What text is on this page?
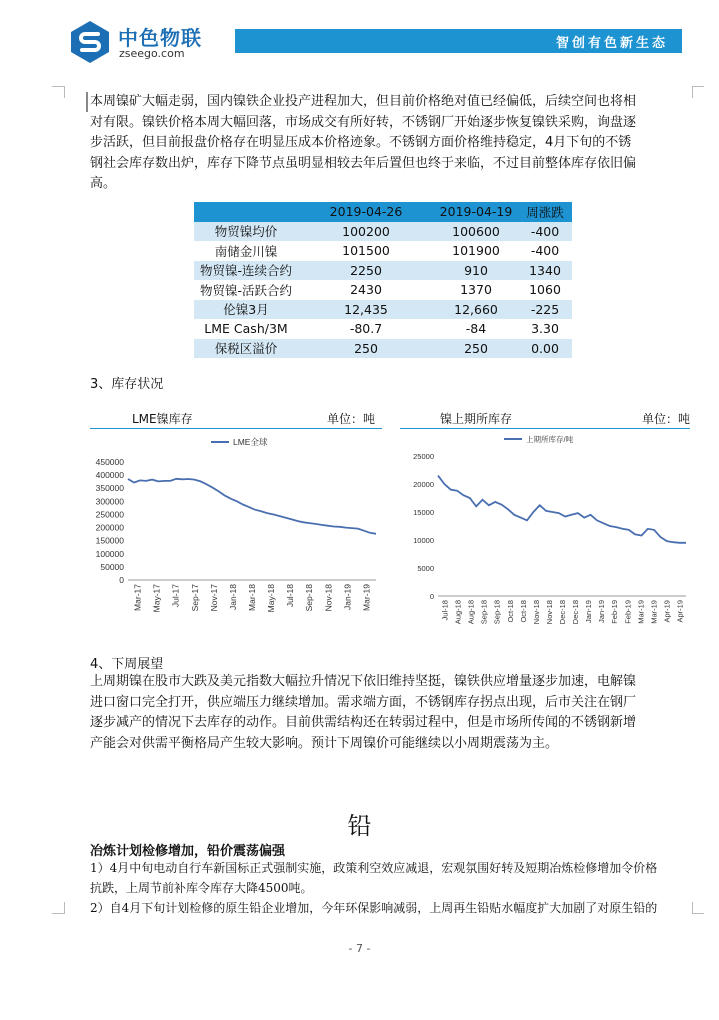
中色物联
zseego.com
智创有色新生态
本周镍矿大幅走弱，国内镍铁企业投产进程加大，但目前价格绝对值已经偏低，后续空间也将相
对有限。镍铁价格本周大幅回落，市场成交有所好转，不锈钢厂开始逐步恢复镍铁采购，询盘逐
步活跃，但目前报盘价格存在明显压成本价格迹象。不锈钢方面价格维持稳定，4月下旬的不锈
钢社会库存数出炉，库存下降节点虽明显相较去年后置但也终于来临，不过目前整体库存依旧偏
高。
	2019-04-26	2019-04-19	周涨跌
物贸镍均价	100200	100600	-400
南储金川镍	101500	101900	-400
物贸镍-连续合约	2250	910	1340
物贸镍-活跃合约	2430	1370	1060
伦镍3月	12,435	12,660	-225
LME Cash/3M	-80.7	-84	3.30
保税区溢价	250	250	0.00
3、库存状况
LME镍库存	单位：吨
0
50000
100000
150000
200000
250000
300000
350000
400000
450000
Mar-17 May-17 Jul-17 Sep-17 Nov-17 Jan-18 Mar-18 May-18 Jul-18 Sep-18 Nov-18 Jan-19 Mar-19
LME全球
镍上期所库存	单位：吨
0
5000
10000
15000
20000
25000
Jul-18 Aug-18 Aug-18 Sep-18 Sep-18 Oct-18 Oct-18 Nov-18 Nov-18 Dec-18 Dec-18 Jan-19 Jan-19 Feb-19 Feb-19 Mar-19 Mar-19 Apr-19 Apr-19
上期所库存/吨
4、下周展望
上周期镍在股市大跌及美元指数大幅拉升情况下依旧维持坚挺，镍铁供应增量逐步加速，电解镍
进口窗口完全打开，供应端压力继续增加。需求端方面，不锈钢库存拐点出现，后市关注在钢厂
逐步减产的情况下去库存的动作。目前供需结构还在转弱过程中，但是市场所传闻的不锈钢新增
产能会对供需平衡格局产生较大影响。预计下周镍价可能继续以小周期震荡为主。
铅
冶炼计划检修增加，铅价震荡偏强
1）4月中旬电动自行车新国标正式强制实施，政策利空效应减退，宏观氛围好转及短期冶炼检修增加令价格
抗跌，上周节前补库令库存大降4500吨。
2）自4月下旬计划检修的原生铅企业增加，今年环保影响减弱，上周再生铅贴水幅度扩大加剧了对原生铅的
- 7 -
